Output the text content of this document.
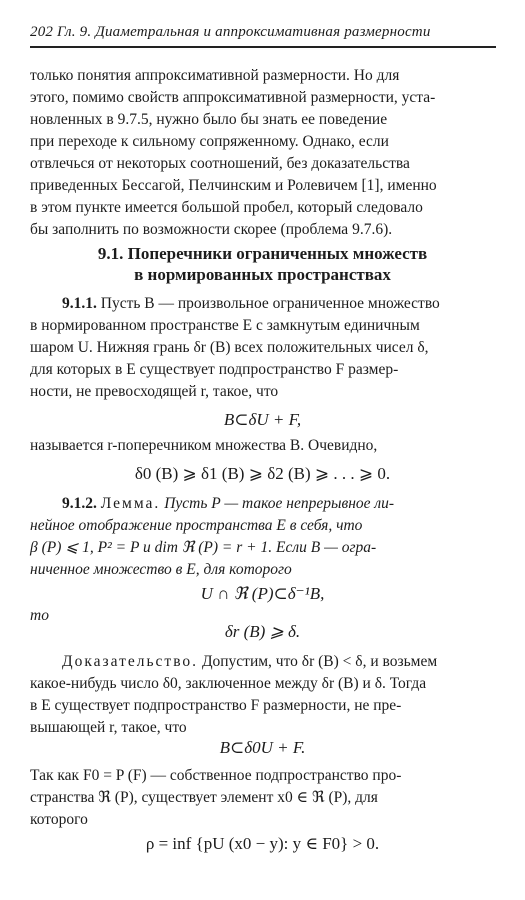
202 Гл. 9. Диаметральная и аппроксимативная размерности
только понятия аппроксимативной размерности. Но для
этого, помимо свойств аппроксимативной размерности, уста-
новленных в 9.7.5, нужно было бы знать ее поведение
при переходе к сильному сопряженному. Однако, если
отвлечься от некоторых соотношений, без доказательства
приведенных Бессагой, Пелчинским и Ролевичем [1], именно
в этом пункте имеется большой пробел, который следовало
бы заполнить по возможности скорее (проблема 9.7.6).
9.1. Поперечники ограниченных множеств
в нормированных пространствах
9.1.1. Пусть B — произвольное ограниченное множество
в нормированном пространстве E с замкнутым единичным
шаром U. Нижняя грань δr (B) всех положительных чисел δ,
для которых в E существует подпространство F размер-
ности, не превосходящей r, такое, что
B⊂δU + F,
называется r-поперечником множества B. Очевидно,
δ0 (B) ⩾ δ1 (B) ⩾ δ2 (B) ⩾ . . . ⩾ 0.
9.1.2. Лемма. Пусть P — такое непрерывное ли-
нейное отображение пространства E в себя, что
β (P) ⩽ 1, P² = P и dim ℜ (P) = r + 1. Если B — огра-
ниченное множество в E, для которого
U ∩ ℜ (P)⊂δ⁻¹B,
то
δr (B) ⩾ δ.
Доказательство. Допустим, что δr (B) < δ, и возьмем
какое-нибудь число δ0, заключенное между δr (B) и δ. Тогда
в E существует подпространство F размерности, не пре-
вышающей r, такое, что
B⊂δ0U + F.
Так как F0 = P (F) — собственное подпространство про-
странства ℜ (P), существует элемент x0 ∈ ℜ (P), для
которого
ρ = inf {pU (x0 − y): y ∈ F0} > 0.
